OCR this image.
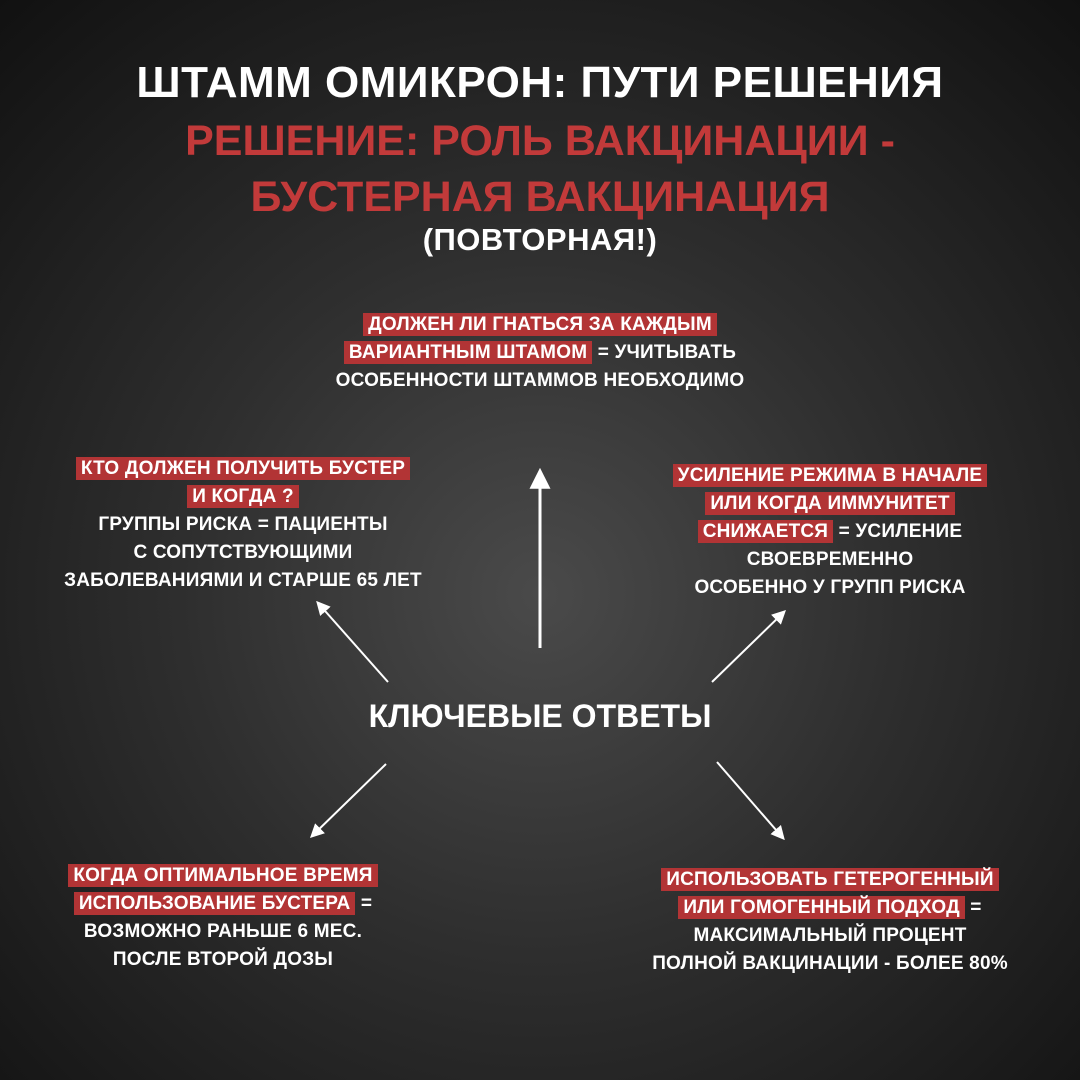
ШТАММ ОМИКРОН: ПУТИ РЕШЕНИЯ
РЕШЕНИЕ: РОЛЬ ВАКЦИНАЦИИ -
БУСТЕРНАЯ ВАКЦИНАЦИЯ
(ПОВТОРНАЯ!)
ДОЛЖЕН ЛИ ГНАТЬСЯ ЗА КАЖДЫМ
ВАРИАНТНЫМ ШТАМОМ = УЧИТЫВАТЬ
ОСОБЕННОСТИ ШТАММОВ НЕОБХОДИМО
КТО ДОЛЖЕН ПОЛУЧИТЬ БУСТЕР
И КОГДА ?
ГРУППЫ РИСКА = ПАЦИЕНТЫ
С СОПУТСТВУЮЩИМИ
ЗАБОЛЕВАНИЯМИ И СТАРШЕ 65 ЛЕТ
УСИЛЕНИЕ РЕЖИМА В НАЧАЛЕ
ИЛИ КОГДА ИММУНИТЕТ
СНИЖАЕТСЯ = УСИЛЕНИЕ
СВОЕВРЕМЕННО
ОСОБЕННО У ГРУПП РИСКА
КЛЮЧЕВЫЕ ОТВЕТЫ
КОГДА ОПТИМАЛЬНОЕ ВРЕМЯ
ИСПОЛЬЗОВАНИЕ БУСТЕРА =
ВОЗМОЖНО РАНЬШЕ 6 МЕС.
ПОСЛЕ ВТОРОЙ ДОЗЫ
ИСПОЛЬЗОВАТЬ ГЕТЕРОГЕННЫЙ
ИЛИ ГОМОГЕННЫЙ ПОДХОД =
МАКСИМАЛЬНЫЙ ПРОЦЕНТ
ПОЛНОЙ ВАКЦИНАЦИИ - БОЛЕЕ 80%
